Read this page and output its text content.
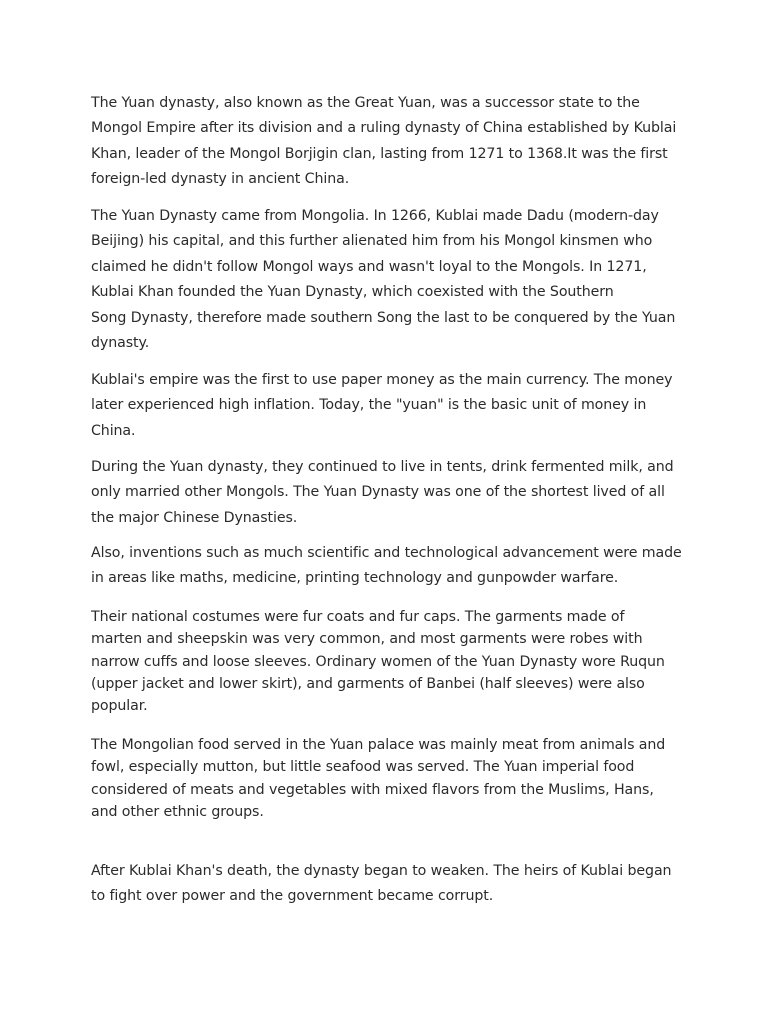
The Yuan dynasty, also known as the Great Yuan, was a successor state to the
Mongol Empire after its division and a ruling dynasty of China established by Kublai
Khan, leader of the Mongol Borjigin clan, lasting from 1271 to 1368.It was the first
foreign-led dynasty in ancient China.

The Yuan Dynasty came from Mongolia. In 1266, Kublai made Dadu (modern-day
Beijing) his capital, and this further alienated him from his Mongol kinsmen who
claimed he didn't follow Mongol ways and wasn't loyal to the Mongols. In 1271,
Kublai Khan founded the Yuan Dynasty, which coexisted with the Southern
Song Dynasty, therefore made southern Song the last to be conquered by the Yuan
dynasty.

Kublai's empire was the first to use paper money as the main currency. The money
later experienced high inflation. Today, the "yuan" is the basic unit of money in
China.

During the Yuan dynasty, they continued to live in tents, drink fermented milk, and
only married other Mongols. The Yuan Dynasty was one of the shortest lived of all
the major Chinese Dynasties.

Also, inventions such as much scientific and technological advancement were made
in areas like maths, medicine, printing technology and gunpowder warfare.

Their national costumes were fur coats and fur caps. The garments made of
marten and sheepskin was very common, and most garments were robes with
narrow cuffs and loose sleeves. Ordinary women of the Yuan Dynasty wore Ruqun
(upper jacket and lower skirt), and garments of Banbei (half sleeves) were also
popular.

The Mongolian food served in the Yuan palace was mainly meat from animals and
fowl, especially mutton, but little seafood was served. The Yuan imperial food
considered of meats and vegetables with mixed flavors from the Muslims, Hans,
and other ethnic groups.

After Kublai Khan's death, the dynasty began to weaken. The heirs of Kublai began
to fight over power and the government became corrupt.
